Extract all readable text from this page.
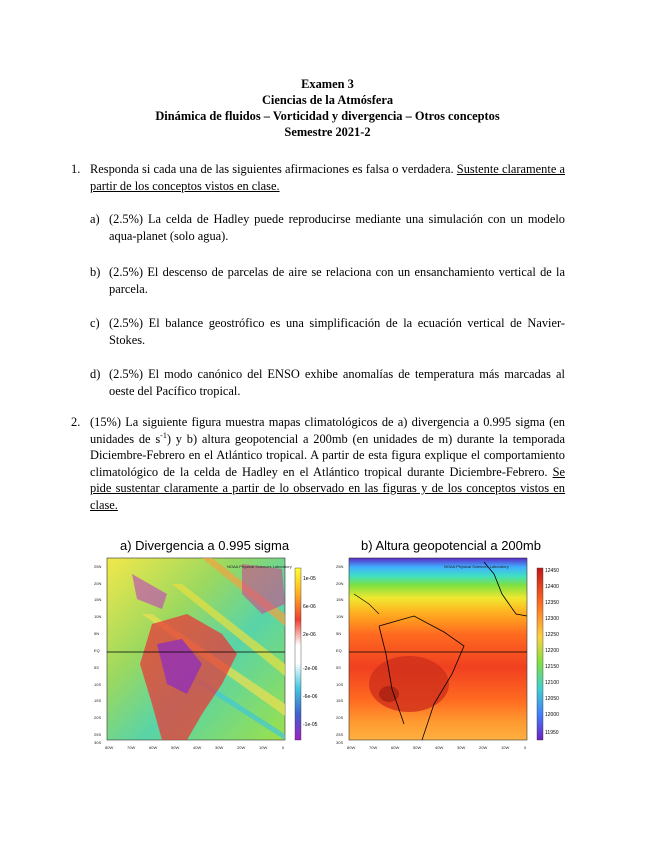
Examen 3
Ciencias de la Atmósfera
Dinámica de fluidos – Vorticidad y divergencia – Otros conceptos
Semestre 2021-2
1. Responda si cada una de las siguientes afirmaciones es falsa o verdadera. Sustente claramente a partir de los conceptos vistos en clase.
a) (2.5%) La celda de Hadley puede reproducirse mediante una simulación con un modelo aqua-planet (solo agua).
b) (2.5%) El descenso de parcelas de aire se relaciona con un ensanchamiento vertical de la parcela.
c) (2.5%) El balance geostrófico es una simplificación de la ecuación vertical de Navier-Stokes.
d) (2.5%) El modo canónico del ENSO exhibe anomalías de temperatura más marcadas al oeste del Pacífico tropical.
2. (15%) La siguiente figura muestra mapas climatológicos de a) divergencia a 0.995 sigma (en unidades de $s^{-1}$) y b) altura geopotencial a 200mb (en unidades de m) durante la temporada Diciembre-Febrero en el Atlántico tropical. A partir de esta figura explique el comportamiento climatológico de la celda de Hadley en el Atlántico tropical durante Diciembre-Febrero. Se pide sustentar claramente a partir de lo observado en las figuras y de los conceptos vistos en clase.
a) Divergencia a 0.995 sigma
1e-05
6e-06
2e-06
-2e-06
-6e-06
-1e-05
NOAA Physical Sciences Laboratory
25N
20N
15N
10N
5N
EQ
5S
10S
15S
20S
25S
30S
80W	70W	60W	50W	40W	30W	20W	10W	0
b) Altura geopotencial a 200mb
12450
12400
12350
12300
12250
12200
12150
12100
12050
12000
11950
NOAA Physical Sciences Laboratory
25N
20N
15N
10N
5N
EQ
5S
10S
15S
20S
25S
30S
80W	70W	60W	50W	40W	30W	20W	10W	0
